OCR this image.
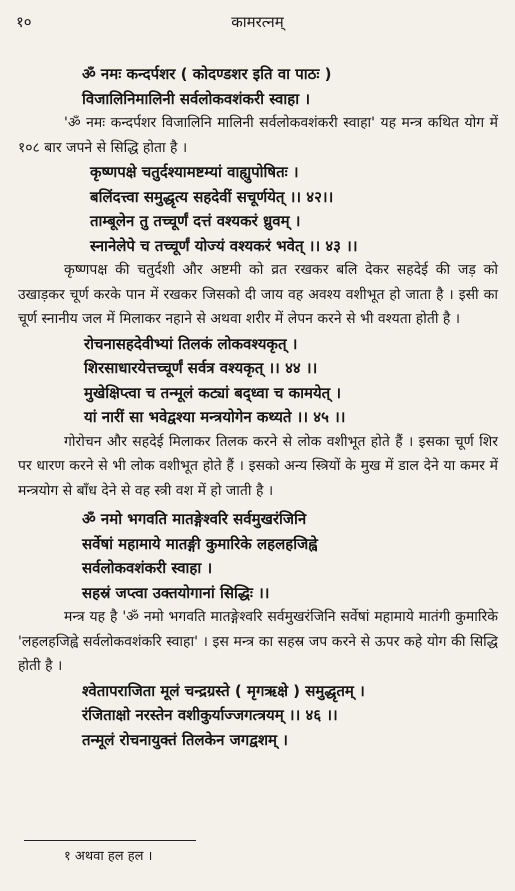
१०	कामरत्नम्

ॐ नमः कन्दर्पशर ( कोदण्डशर इति वा पाठः )

विजालिनिमालिनी सर्वलोकवशंकरी स्वाहा ।

'ॐ नमः कन्दर्पशर विजालिनि मालिनी सर्वलोकवशंकरी स्वाहा' यह मन्त्र कथित योग में १०८ बार जपने से सिद्धि होता है ।

कृष्णपक्षे चतुर्दश्यामष्टम्यां वाह्युपोषितः ।

बलिंदत्त्वा समुद्धृत्य सहदेवीं सचूर्णयेत् ।। ४२।।

ताम्बूलेन तु तच्चूर्णं दत्तं वश्यकरं ध्रुवम् ।

स्नानेलेपे च तच्चूर्णं योज्यं वश्यकरं भवेत् ।। ४३ ।।

कृष्णपक्ष की चतुर्दशी और अष्टमी को व्रत रखकर बलि देकर सहदेई की जड़ को उखाड़कर चूर्ण करके पान में रखकर जिसको दी जाय वह अवश्य वशीभूत हो जाता है । इसी का चूर्ण स्नानीय जल में मिलाकर नहाने से अथवा शरीर में लेपन करने से भी वश्यता होती है ।

रोचनासहदेवीभ्यां तिलकं लोकवश्यकृत् ।

शिरसाधारयेत्तच्चूर्णं सर्वत्र वश्यकृत् ।। ४४ ।।

मुखेक्षिप्त्वा च तन्मूलं कट्यां बद्ध्वा च कामयेत् ।

यां नारीं सा भवेद्वश्या मन्त्रयोगेन कथ्यते ।। ४५ ।।

गोरोचन और सहदेई मिलाकर तिलक करने से लोक वशीभूत होते हैं । इसका चूर्ण शिर पर धारण करने से भी लोक वशीभूत होते हैं । इसको अन्य स्त्रियों के मुख में डाल देने या कमर में मन्त्रयोग से बाँध देने से वह स्त्री वश में हो जाती है ।

ॐ नमो भगवति मातङ्गेश्वरि सर्वमुखरंजिनि

सर्वेषां महामाये मातङ्गी कुमारिके लहलहजिह्वे

सर्वलोकवशंकरी स्वाहा ।

सहस्रं जप्त्वा उक्तयोगानां सिद्धिः ।।

मन्त्र यह है 'ॐ नमो भगवति मातङ्गेश्वरि सर्वमुखरंजिनि सर्वेषां महामाये मातंगी कुमारिके 'लहलहजिह्वे सर्वलोकवशंकरि स्वाहा' । इस मन्त्र का सहस्र जप करने से ऊपर कहे योग की सिद्धि होती है ।

श्वेतापराजिता मूलं चन्द्रग्रस्ते ( मृगऋक्षे ) समुद्धृतम् ।

रंजिताक्षो नरस्तेन वशीकुर्याज्जगत्त्रयम् ।। ४६ ।।

तन्मूलं रोचनायुक्तं तिलकेन जगद्वशम् ।

१ अथवा हल हल ।
